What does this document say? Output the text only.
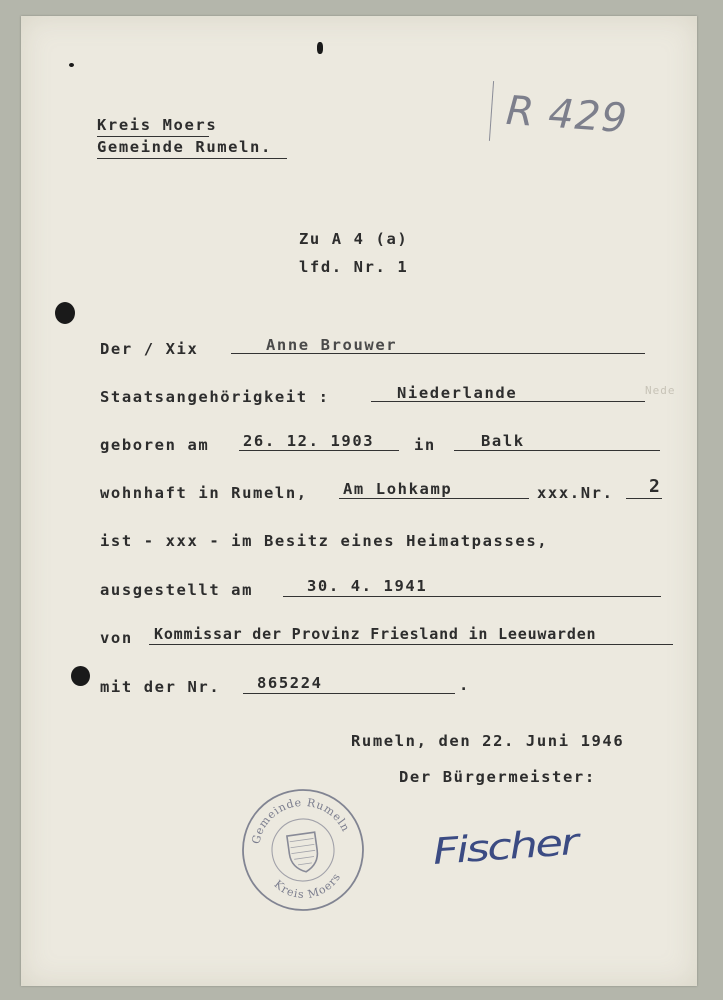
Kreis Moers
Gemeinde Rumeln.
R 429
Zu A 4 (a)
lfd. Nr. 1
Der / Xix	Anne Brouwer
Staatsangehörigkeit :	Niederlande	Nede
geboren am 26. 12. 1903	in	Balk
wohnhaft in Rumeln, Am Lohkamp	xxx.Nr. 2
ist - xxx - im Besitz eines Heimatpasses,
ausgestellt am	30. 4. 1941
von Kommissar der Provinz Friesland in Leeuwarden
mit der Nr. 865224	.
Rumeln, den 22. Juni 1946
Der Bürgermeister:
Gemeinde Rumeln
Kreis Moers
Fischer
